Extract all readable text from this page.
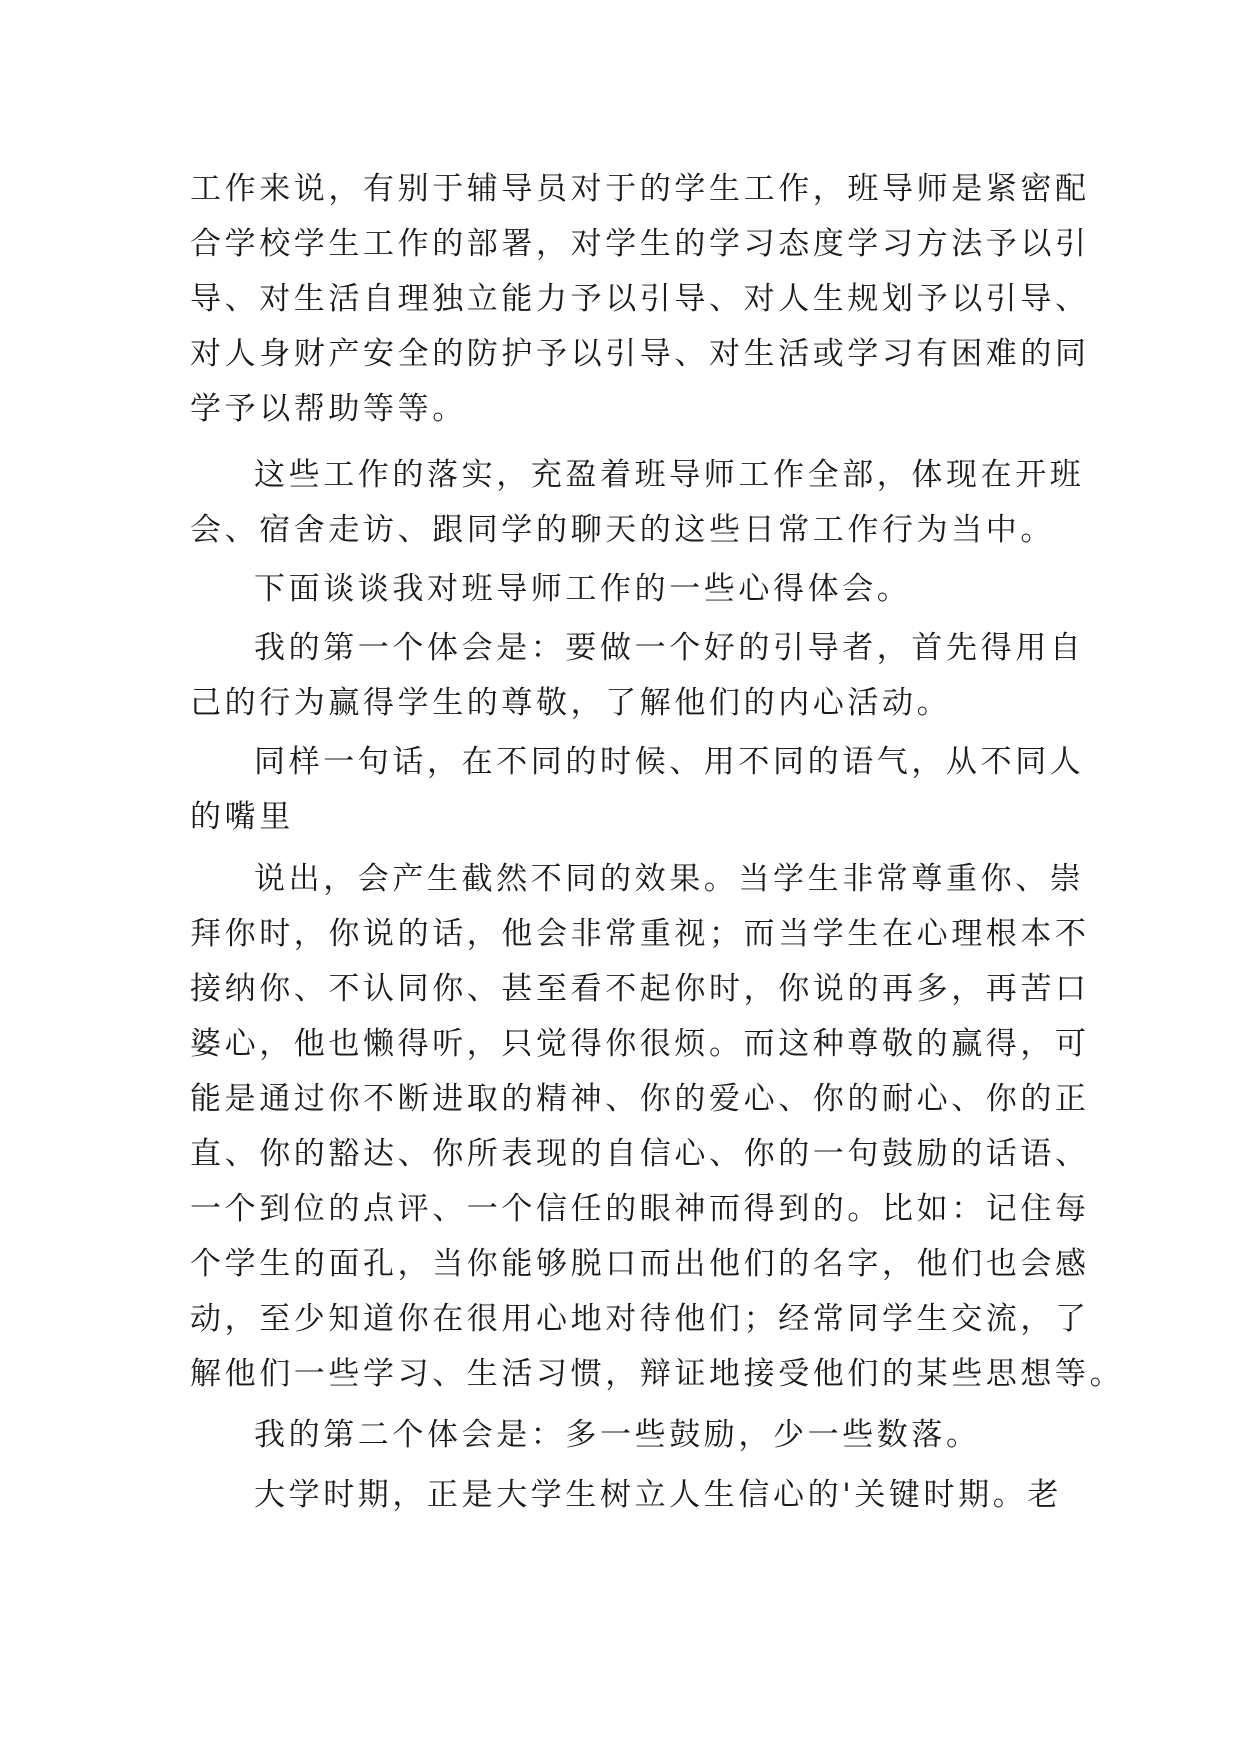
工作来说，有别于辅导员对于的学生工作，班导师是紧密配

合学校学生工作的部署，对学生的学习态度学习方法予以引

导、对生活自理独立能力予以引导、对人生规划予以引导、

对人身财产安全的防护予以引导、对生活或学习有困难的同

学予以帮助等等。

这些工作的落实，充盈着班导师工作全部，体现在开班

会、宿舍走访、跟同学的聊天的这些日常工作行为当中。

下面谈谈我对班导师工作的一些心得体会。

我的第一个体会是：要做一个好的引导者，首先得用自

己的行为赢得学生的尊敬，了解他们的内心活动。

同样一句话，在不同的时候、用不同的语气，从不同人

的嘴里

说出，会产生截然不同的效果。当学生非常尊重你、崇

拜你时，你说的话，他会非常重视；而当学生在心理根本不

接纳你、不认同你、甚至看不起你时，你说的再多，再苦口

婆心，他也懒得听，只觉得你很烦。而这种尊敬的赢得，可

能是通过你不断进取的精神、你的爱心、你的耐心、你的正

直、你的豁达、你所表现的自信心、你的一句鼓励的话语、

一个到位的点评、一个信任的眼神而得到的。比如：记住每

个学生的面孔，当你能够脱口而出他们的名字，他们也会感

动，至少知道你在很用心地对待他们；经常同学生交流，了

解他们一些学习、生活习惯，辩证地接受他们的某些思想等。

我的第二个体会是：多一些鼓励，少一些数落。

大学时期，正是大学生树立人生信心的'关键时期。老
